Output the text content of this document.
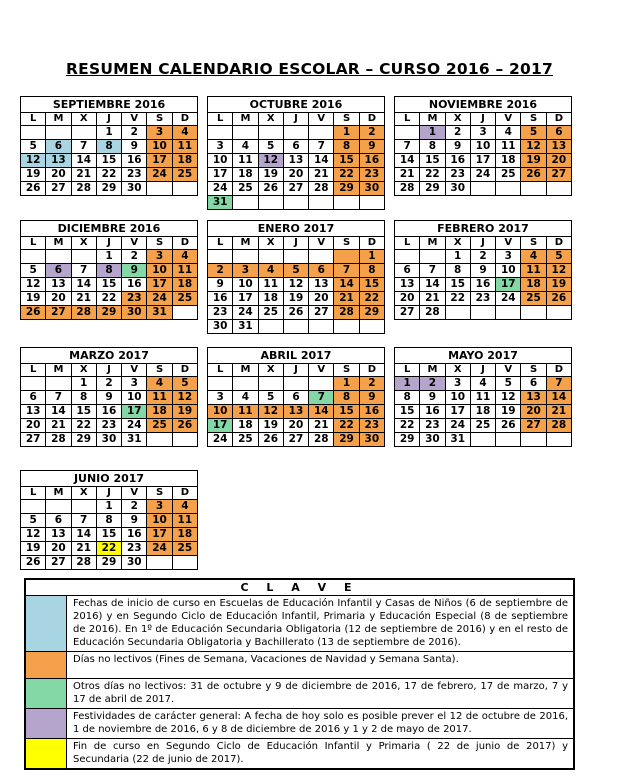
RESUMEN CALENDARIO ESCOLAR – CURSO 2016 – 2017
SEPTIEMBRE 2016						
L	M	X	J	V	S	D
			1	2	3	4
5	6	7	8	9	10	11
12	13	14	15	16	17	18
19	20	21	22	23	24	25
26	27	28	29	30		
OCTUBRE 2016						
L	M	X	J	V	S	D
					1	2
3	4	5	6	7	8	9
10	11	12	13	14	15	16
17	18	19	20	21	22	23
24	25	26	27	28	29	30
31						
NOVIEMBRE 2016						
L	M	X	J	V	S	D
	1	2	3	4	5	6
7	8	9	10	11	12	13
14	15	16	17	18	19	20
21	22	23	24	25	26	27
28	29	30				
DICIEMBRE 2016						
L	M	X	J	V	S	D
			1	2	3	4
5	6	7	8	9	10	11
12	13	14	15	16	17	18
19	20	21	22	23	24	25
26	27	28	29	30	31	
ENERO 2017						
L	M	X	J	V	S	D
						1
2	3	4	5	6	7	8
9	10	11	12	13	14	15
16	17	18	19	20	21	22
23	24	25	26	27	28	29
30	31					
FEBRERO 2017						
L	M	X	J	V	S	D
		1	2	3	4	5
6	7	8	9	10	11	12
13	14	15	16	17	18	19
20	21	22	23	24	25	26
27	28					
MARZO 2017						
L	M	X	J	V	S	D
		1	2	3	4	5
6	7	8	9	10	11	12
13	14	15	16	17	18	19
20	21	22	23	24	25	26
27	28	29	30	31		
ABRIL 2017						
L	M	X	J	V	S	D
					1	2
3	4	5	6	7	8	9
10	11	12	13	14	15	16
17	18	19	20	21	22	23
24	25	26	27	28	29	30
MAYO 2017						
L	M	X	J	V	S	D
1	2	3	4	5	6	7
8	9	10	11	12	13	14
15	16	17	18	19	20	21
22	23	24	25	26	27	28
29	30	31				
JUNIO 2017						
L	M	X	J	V	S	D
			1	2	3	4
5	6	7	8	9	10	11
12	13	14	15	16	17	18
19	20	21	22	23	24	25
26	27	28	29	30		
C L A V E
Fechas de inicio de curso en Escuelas de Educación Infantil y Casas de Niños (6 de septiembre de 2016) y en Segundo Ciclo de Educación Infantil, Primaria y Educación Especial (8 de septiembre de 2016). En 1º de Educación Secundaria Obligatoria (12 de septiembre de 2016) y en el resto de Educación Secundaria Obligatoria y Bachillerato (13 de septiembre de 2016).
Días no lectivos (Fines de Semana, Vacaciones de Navidad y Semana Santa).
Otros días no lectivos: 31 de octubre y 9 de diciembre de 2016, 17 de febrero, 17 de marzo, 7 y 17 de abril de 2017.
Festividades de carácter general: A fecha de hoy solo es posible prever el 12 de octubre de 2016, 1 de noviembre de 2016, 6 y 8 de diciembre de 2016 y 1 y 2 de mayo de 2017.
Fin de curso en Segundo Ciclo de Educación Infantil y Primaria ( 22 de junio de 2017) y Secundaria (22 de junio de 2017).
